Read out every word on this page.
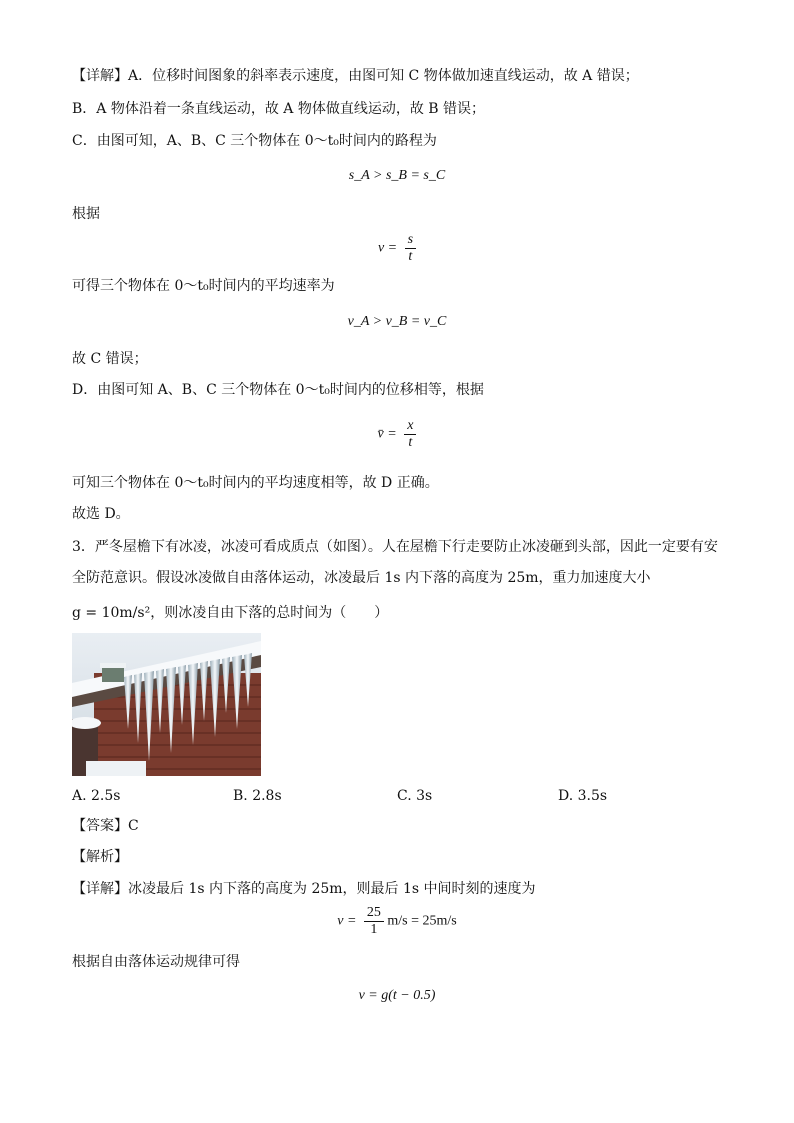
【详解】A．位移时间图象的斜率表示速度，由图可知 C 物体做加速直线运动，故 A 错误；
B．A 物体沿着一条直线运动，故 A 物体做直线运动，故 B 错误；
C．由图可知，A、B、C 三个物体在 0～t₀时间内的路程为
s_A > s_B = s_C
根据
$v = \frac{s}{t}$
可得三个物体在 0～t₀时间内的平均速率为
v_A > v_B = v_C
故 C 错误；
D．由图可知 A、B、C 三个物体在 0～t₀时间内的位移相等，根据
v̄ = $\frac{x}{t}$
可知三个物体在 0～t₀时间内的平均速度相等，故 D 正确。
故选 D。
3．严冬屋檐下有冰凌，冰凌可看成质点（如图）。人在屋檐下行走要防止冰凌砸到头部，因此一定要有安
全防范意识。假设冰凌做自由落体运动，冰凌最后 1s 内下落的高度为 25m，重力加速度大小
g = 10m/s²，则冰凌自由下落的总时间为（　　）
A. 2.5s	B. 2.8s	C. 3s	D. 3.5s
【答案】C
【解析】
【详解】冰凌最后 1s 内下落的高度为 25m，则最后 1s 中间时刻的速度为
$v = \frac{25}{1} m/s = 25m/s$
根据自由落体运动规律可得
v = g(t − 0.5)
